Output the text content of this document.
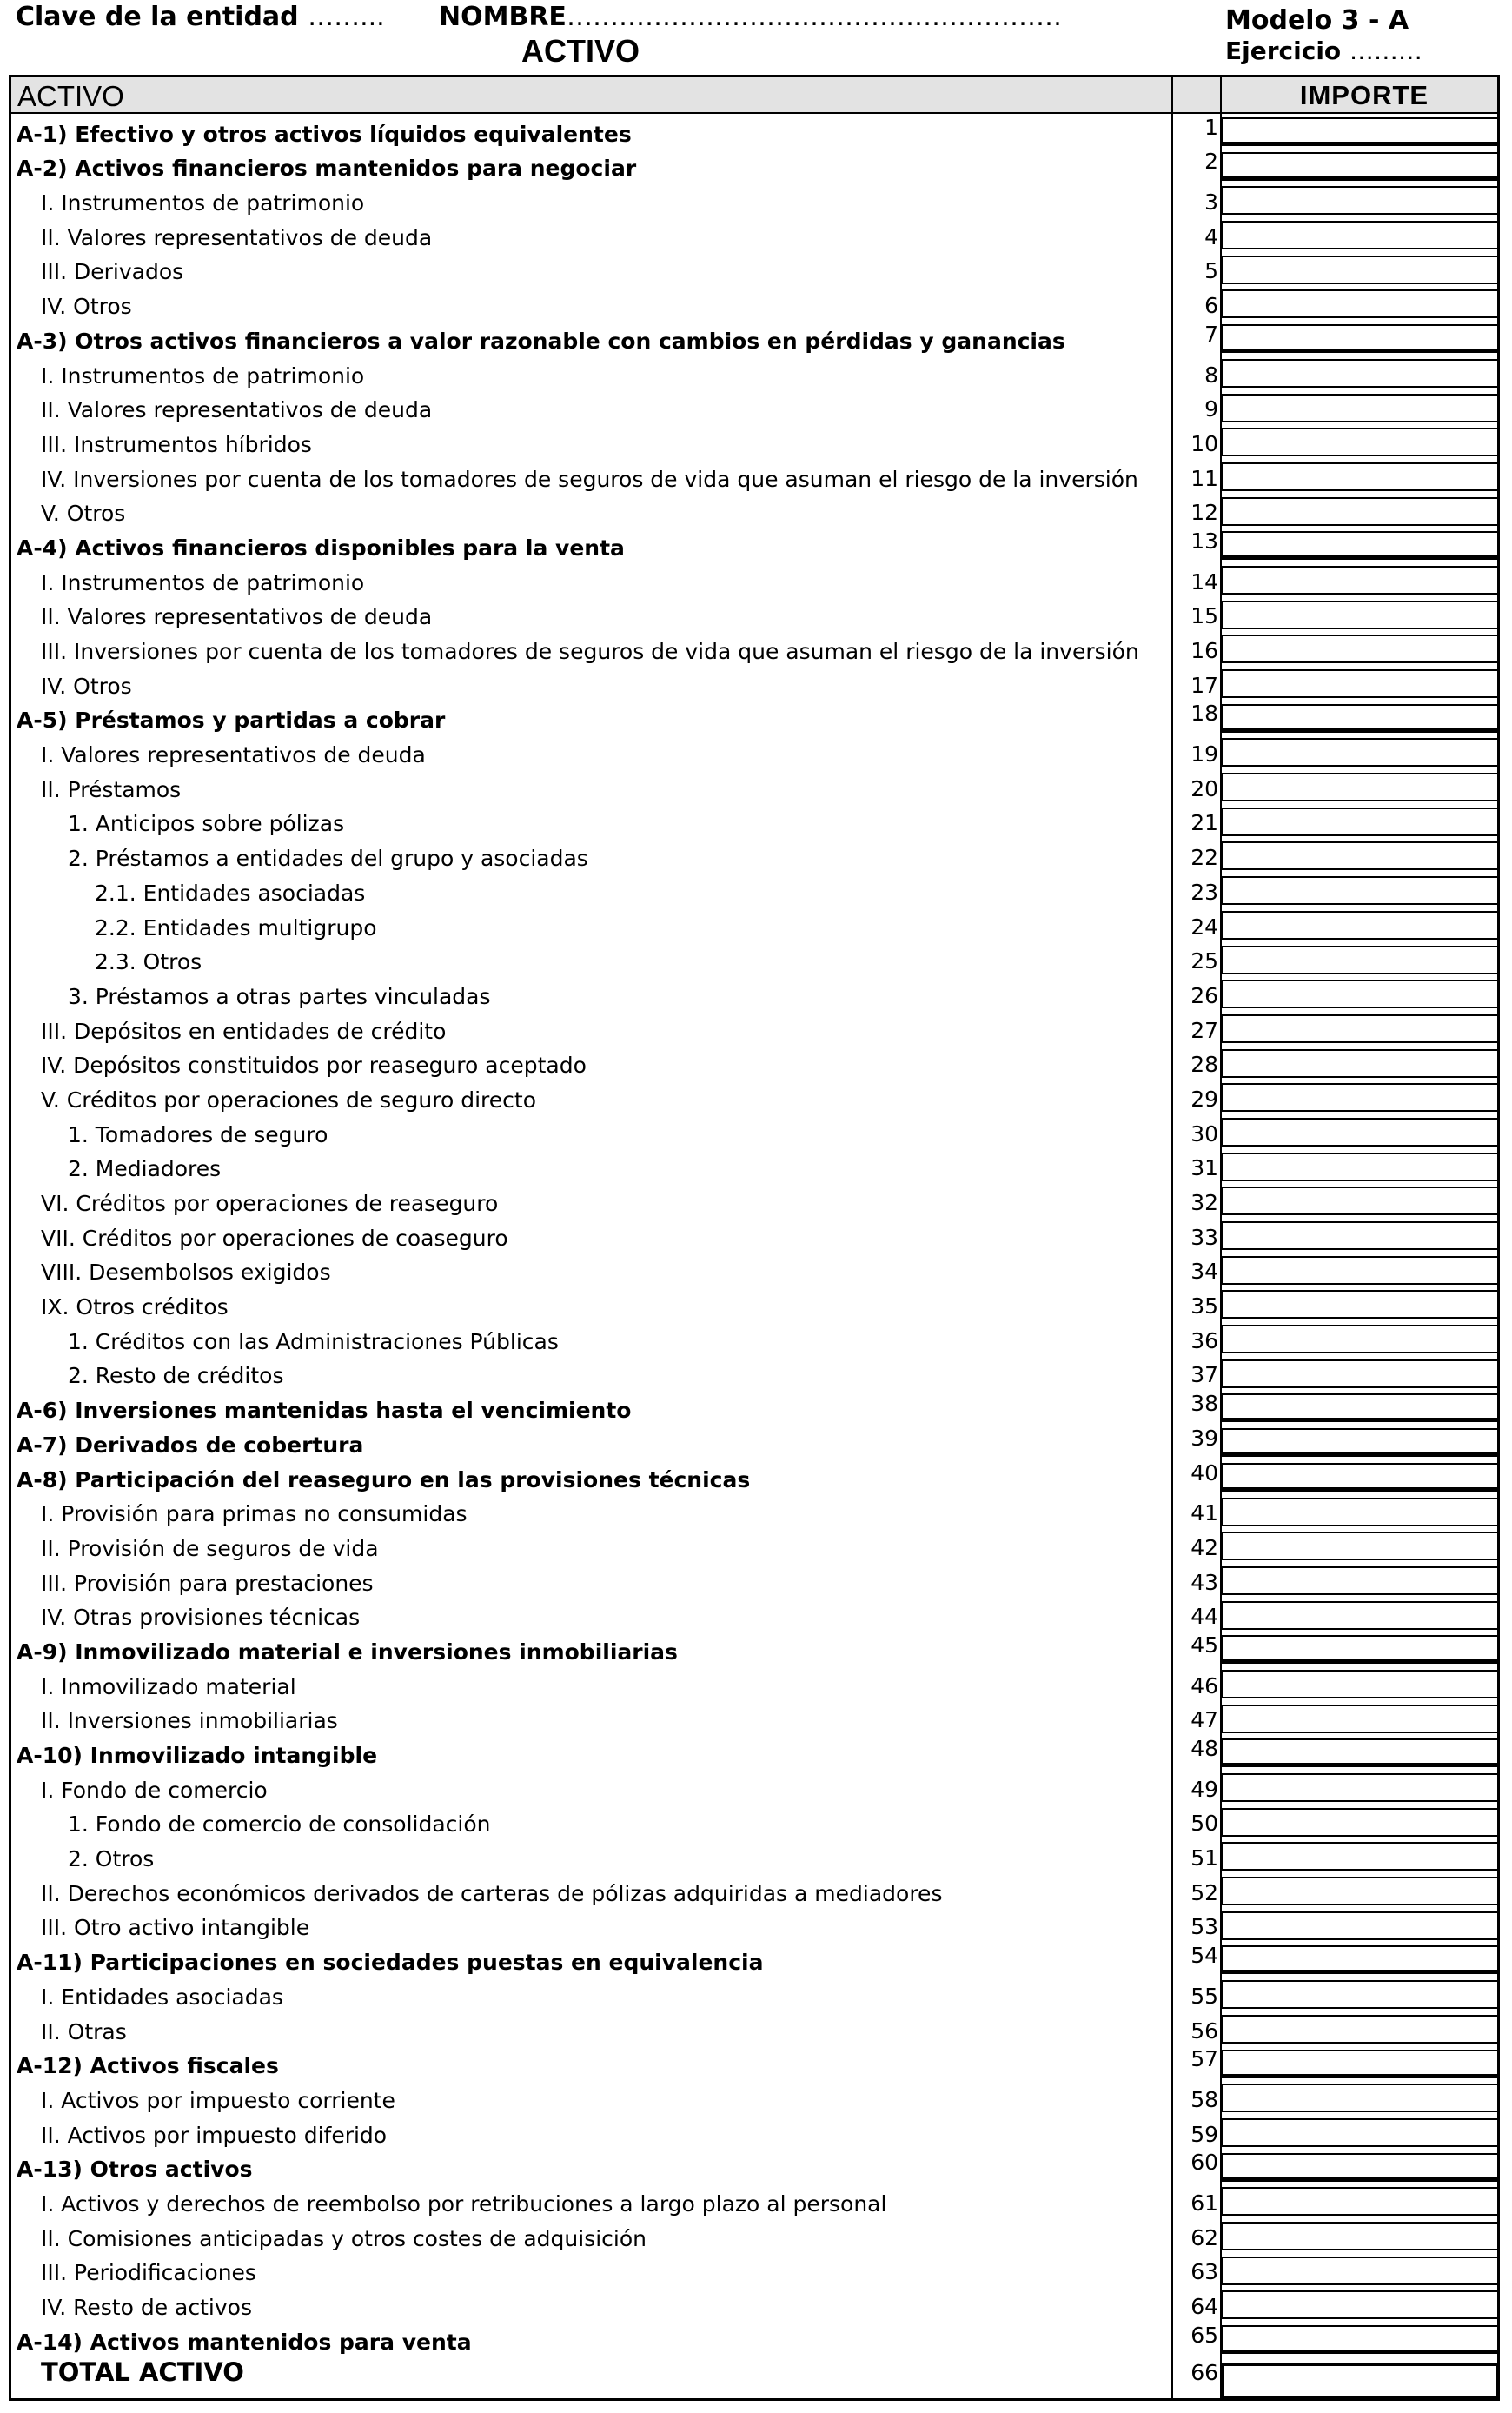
Clave de la entidad ……... NOMBRE…………………………………………………
ACTIVO
Modelo 3 - A
Ejercicio ………
ACTIVO	IMPORTE
A-1) Efectivo y otros activos líquidos equivalentes	1
A-2) Activos financieros mantenidos para negociar	2
I. Instrumentos de patrimonio	3
II. Valores representativos de deuda	4
III. Derivados	5
IV. Otros	6
A-3) Otros activos financieros a valor razonable con cambios en pérdidas y ganancias	7
I. Instrumentos de patrimonio	8
II. Valores representativos de deuda	9
III. Instrumentos híbridos	10
IV. Inversiones por cuenta de los tomadores de seguros de vida que asuman el riesgo de la inversión	11
V. Otros	12
A-4) Activos financieros disponibles para la venta	13
I. Instrumentos de patrimonio	14
II. Valores representativos de deuda	15
III. Inversiones por cuenta de los tomadores de seguros de vida que asuman el riesgo de la inversión	16
IV. Otros	17
A-5) Préstamos y partidas a cobrar	18
I. Valores representativos de deuda	19
II. Préstamos	20
1. Anticipos sobre pólizas	21
2. Préstamos a entidades del grupo y asociadas	22
2.1. Entidades asociadas	23
2.2. Entidades multigrupo	24
2.3. Otros	25
3. Préstamos a otras partes vinculadas	26
III. Depósitos en entidades de crédito	27
IV. Depósitos constituidos por reaseguro aceptado	28
V. Créditos por operaciones de seguro directo	29
1. Tomadores de seguro	30
2. Mediadores	31
VI. Créditos por operaciones de reaseguro	32
VII. Créditos por operaciones de coaseguro	33
VIII. Desembolsos exigidos	34
IX. Otros créditos	35
1. Créditos con las Administraciones Públicas	36
2. Resto de créditos	37
A-6) Inversiones mantenidas hasta el vencimiento	38
A-7) Derivados de cobertura	39
A-8) Participación del reaseguro en las provisiones técnicas	40
I. Provisión para primas no consumidas	41
II. Provisión de seguros de vida	42
III. Provisión para prestaciones	43
IV. Otras provisiones técnicas	44
A-9) Inmovilizado material e inversiones inmobiliarias	45
I. Inmovilizado material	46
II. Inversiones inmobiliarias	47
A-10) Inmovilizado intangible	48
I. Fondo de comercio	49
1. Fondo de comercio de consolidación	50
2. Otros	51
II. Derechos económicos derivados de carteras de pólizas adquiridas a mediadores	52
III. Otro activo intangible	53
A-11) Participaciones en sociedades puestas en equivalencia	54
I. Entidades asociadas	55
II. Otras	56
A-12) Activos fiscales	57
I. Activos por impuesto corriente	58
II. Activos por impuesto diferido	59
A-13) Otros activos	60
I. Activos y derechos de reembolso por retribuciones a largo plazo al personal	61
II. Comisiones anticipadas y otros costes de adquisición	62
III. Periodificaciones	63
IV. Resto de activos	64
A-14) Activos mantenidos para venta	65
TOTAL ACTIVO	66
